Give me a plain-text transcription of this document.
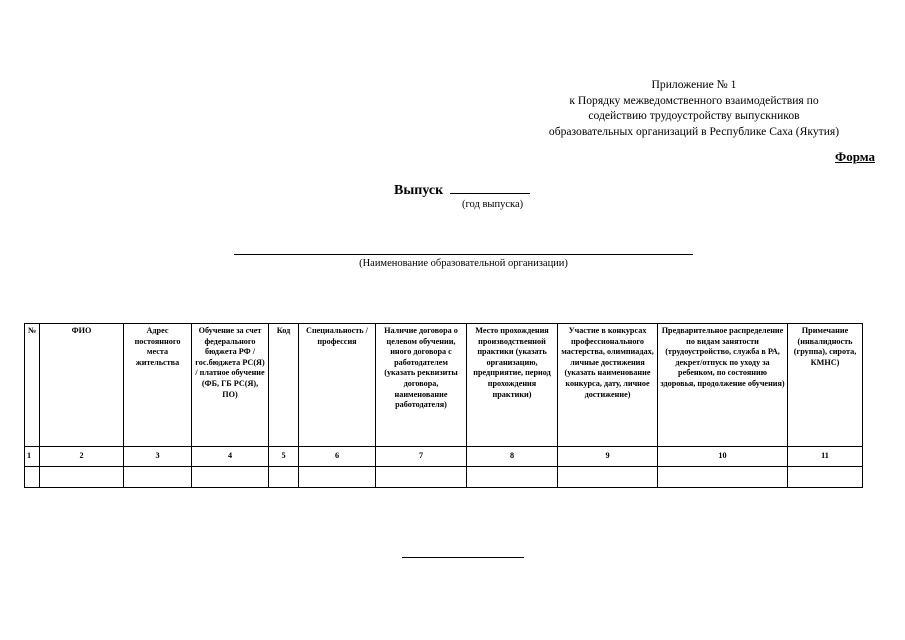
Приложение № 1
к Порядку межведомственного взаимодействия по
содействию трудоустройству выпускников
образовательных организаций в Республике Саха (Якутия)
Форма
Выпуск
(год выпуска)
(Наименование образовательной организации)
№	ФИО	Адрес постоянного места жительства	Обучение за счет федерального бюджета РФ / гос.бюджета РС(Я) / платное обучение (ФБ, ГБ РС(Я), ПО)	Код	Специальность /профессия	Наличие договора о целевом обучении, иного договора с работодателем (указать реквизиты договора, наименование работодателя)	Место прохождения производственной практики (указать организацию, предприятие, период прохождения практики)	Участие в конкурсах профессионального мастерства, олимпиадах, личные достижения (указать наименование конкурса, дату, личное достижение)	Предварительное распределение по видам занятости (трудоустройство, служба в РА, декрет/отпуск по уходу за ребенком, по состоянию здоровья, продолжение обучения)	Примечание (инвалидность (группа), сирота, КМНС)
1	2	3	4	5	6	7	8	9	10	11
